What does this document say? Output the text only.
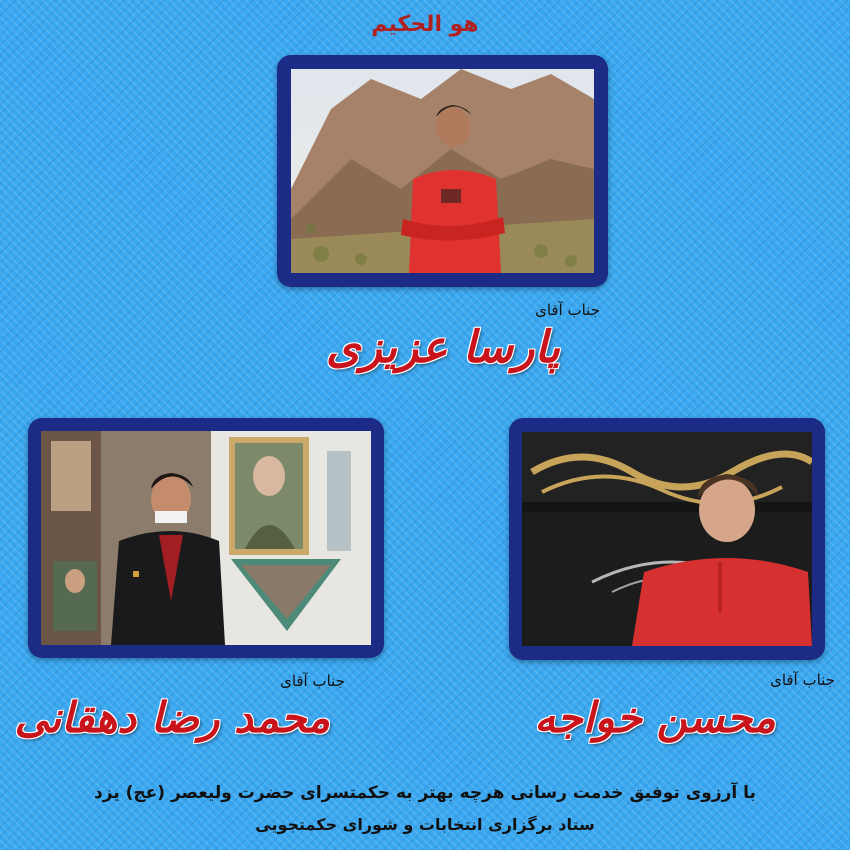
هو الحکیم
جناب آقای
پارسا عزیزی
جناب آقای
محمد رضا دهقانی
جناب آقای
محسن خواجه
با آرزوی توفیق خدمت رسانی هرچه بهتر به حکمتسرای حضرت ولیعصر (عج) یزد
ستاد برگزاری انتخابات و شورای حکمتجویی
